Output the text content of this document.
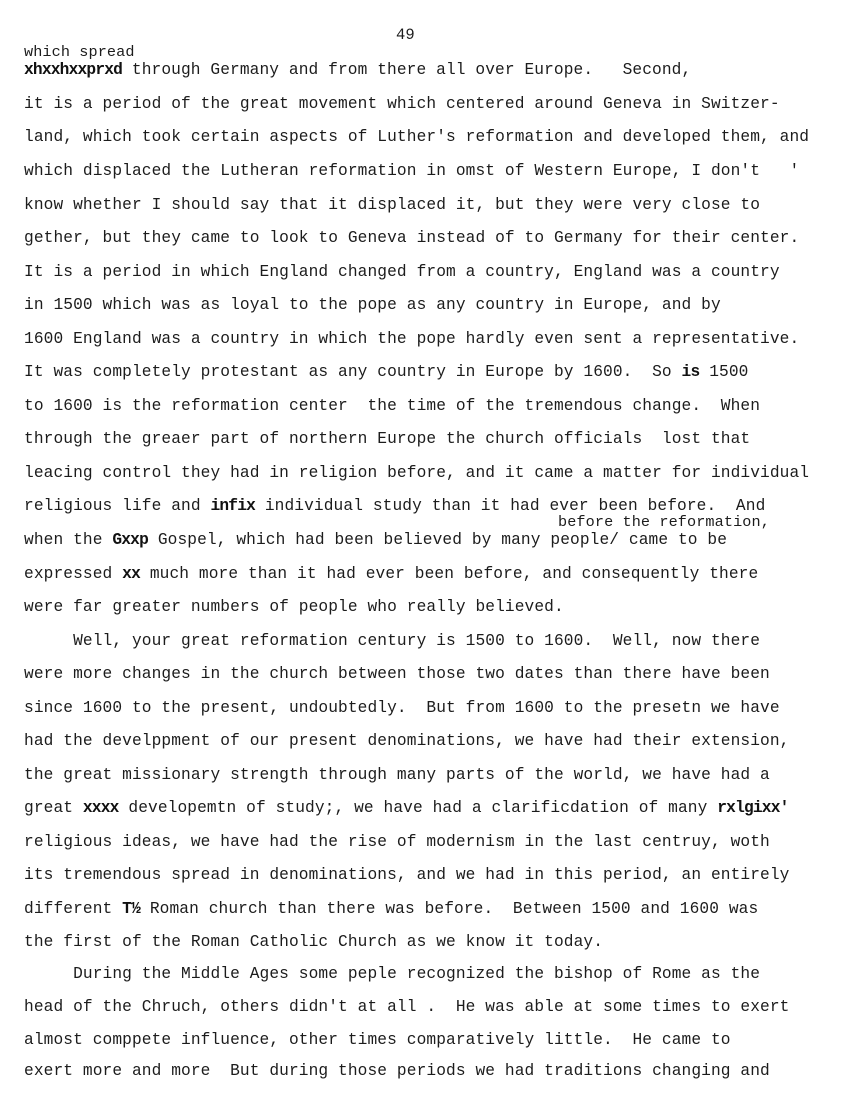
49
which spread
xhxxhxxprxd through Germany and from there all over Europe.   Second,
it is a period of the great movement which centered around Geneva in Switzer-
land, which took certain aspects of Luther's reformation and developed them, and
which displaced the Lutheran reformation in omst of Western Europe, I don't   '
know whether I should say that it displaced it, but they were very close to
gether, but they came to look to Geneva instead of to Germany for their center.
It is a period in which England changed from a country, England was a country
in 1500 which was as loyal to the pope as any country in Europe, and by
1600 England was a country in which the pope hardly even sent a representative.
It was completely protestant as any country in Europe by 1600.  So is 1500
to 1600 is the reformation center  the time of the tremendous change.  When
through the greaer part of northern Europe the church officials  lost that
leacing control they had in religion before, and it came a matter for individual
religious life and infix individual study than it had ever been before.  And
before the reformation,
when the Gxxp Gospel, which had been believed by many people/ came to be
expressed xx much more than it had ever been before, and consequently there
were far greater numbers of people who really believed.
Well, your great reformation century is 1500 to 1600.  Well, now there
were more changes in the church between those two dates than there have been
since 1600 to the present, undoubtedly.  But from 1600 to the presetn we have
had the develppment of our present denominations, we have had their extension,
the great missionary strength through many parts of the world, we have had a
great xxxx developemtn of study;, we have had a clarificdation of many rxlgixx'
religious ideas, we have had the rise of modernism in the last centruy, woth
its tremendous spread in denominations, and we had in this period, an entirely
different T½ Roman church than there was before.  Between 1500 and 1600 was
the first of the Roman Catholic Church as we know it today.
During the Middle Ages some peple recognized the bishop of Rome as the
head of the Chruch, others didn't at all .  He was able at some times to exert
almost comppete influence, other times comparatively little.  He came to
exert more and more  But during those periods we had traditions changing and
